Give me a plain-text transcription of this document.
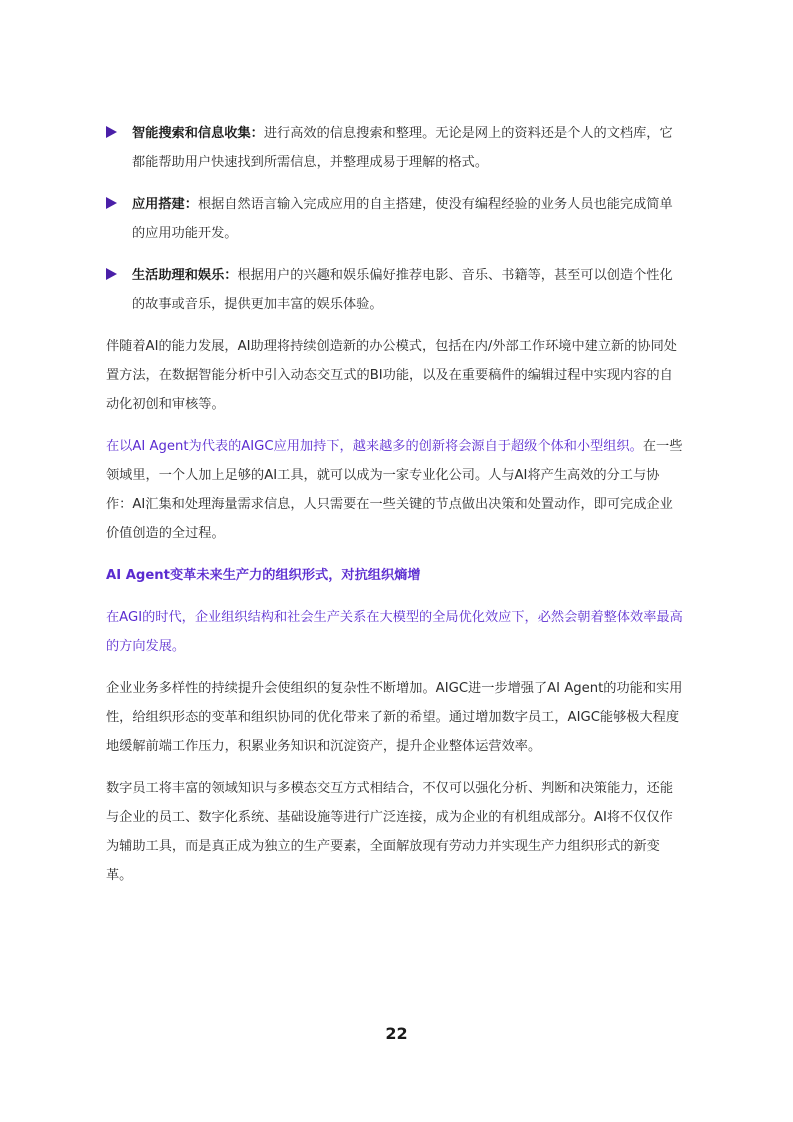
智能搜索和信息收集：进行高效的信息搜索和整理。无论是网上的资料还是个人的文档库，它
都能帮助用户快速找到所需信息，并整理成易于理解的格式。
应用搭建：根据自然语言输入完成应用的自主搭建，使没有编程经验的业务人员也能完成简单
的应用功能开发。
生活助理和娱乐：根据用户的兴趣和娱乐偏好推荐电影、音乐、书籍等，甚至可以创造个性化
的故事或音乐，提供更加丰富的娱乐体验。
伴随着AI的能力发展，AI助理将持续创造新的办公模式，包括在内/外部工作环境中建立新的协同处
置方法，在数据智能分析中引入动态交互式的BI功能，以及在重要稿件的编辑过程中实现内容的自
动化初创和审核等。
在以AI Agent为代表的AIGC应用加持下，越来越多的创新将会源自于超级个体和小型组织。在一些
领域里，一个人加上足够的AI工具，就可以成为一家专业化公司。人与AI将产生高效的分工与协
作：AI汇集和处理海量需求信息，人只需要在一些关键的节点做出决策和处置动作，即可完成企业
价值创造的全过程。
AI Agent变革未来生产力的组织形式，对抗组织熵增
在AGI的时代，企业组织结构和社会生产关系在大模型的全局优化效应下，必然会朝着整体效率最高
的方向发展。
企业业务多样性的持续提升会使组织的复杂性不断增加。AIGC进一步增强了AI Agent的功能和实用
性，给组织形态的变革和组织协同的优化带来了新的希望。通过增加数字员工，AIGC能够极大程度
地缓解前端工作压力，积累业务知识和沉淀资产，提升企业整体运营效率。
数字员工将丰富的领域知识与多模态交互方式相结合，不仅可以强化分析、判断和决策能力，还能
与企业的员工、数字化系统、基础设施等进行广泛连接，成为企业的有机组成部分。AI将不仅仅作
为辅助工具，而是真正成为独立的生产要素，全面解放现有劳动力并实现生产力组织形式的新变
革。
22
